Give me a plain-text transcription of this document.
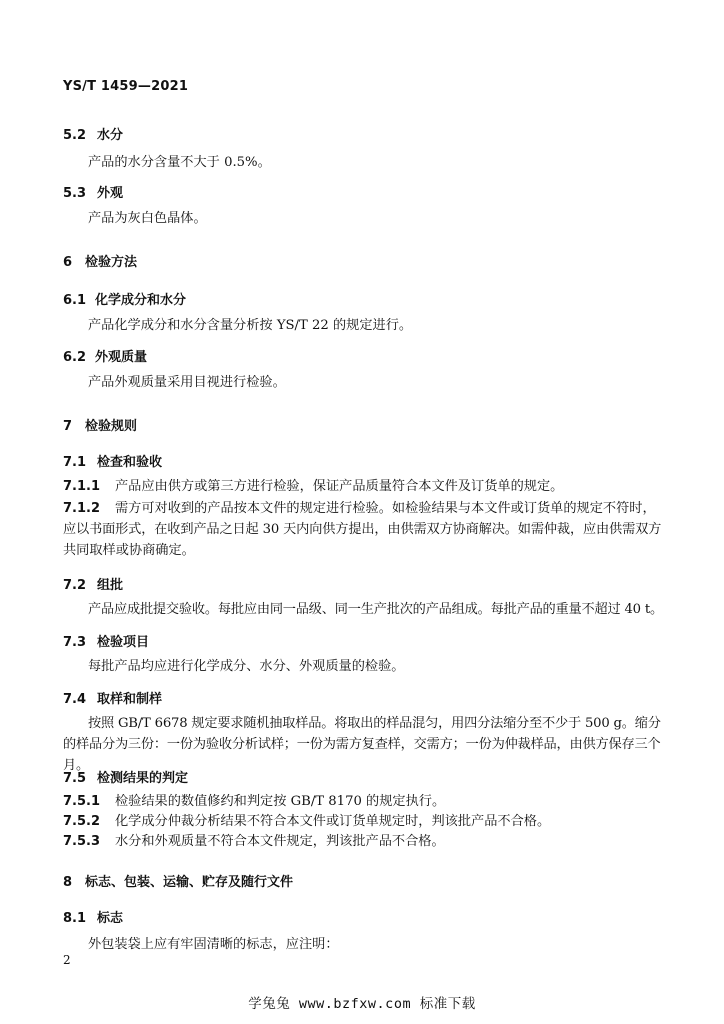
YS/T 1459—2021
5.2 水分
产品的水分含量不大于 0.5%。
5.3 外观
产品为灰白色晶体。
6 检验方法
6.1 化学成分和水分
产品化学成分和水分含量分析按 YS/T 22 的规定进行。
6.2 外观质量
产品外观质量采用目视进行检验。
7 检验规则
7.1 检查和验收
7.1.1 产品应由供方或第三方进行检验，保证产品质量符合本文件及订货单的规定。
7.1.2 需方可对收到的产品按本文件的规定进行检验。如检验结果与本文件或订货单的规定不符时，
应以书面形式，在收到产品之日起 30 天内向供方提出，由供需双方协商解决。如需仲裁，应由供需双方
共同取样或协商确定。
7.2 组批
产品应成批提交验收。每批应由同一品级、同一生产批次的产品组成。每批产品的重量不超过 40 t。
7.3 检验项目
每批产品均应进行化学成分、水分、外观质量的检验。
7.4 取样和制样
按照 GB/T 6678 规定要求随机抽取样品。将取出的样品混匀，用四分法缩分至不少于 500 g。缩分
的样品分为三份：一份为验收分析试样；一份为需方复查样，交需方；一份为仲裁样品，由供方保存三个月。
7.5 检测结果的判定
7.5.1 检验结果的数值修约和判定按 GB/T 8170 的规定执行。
7.5.2 化学成分仲裁分析结果不符合本文件或订货单规定时，判该批产品不合格。
7.5.3 水分和外观质量不符合本文件规定，判该批产品不合格。
8 标志、包装、运输、贮存及随行文件
8.1 标志
外包装袋上应有牢固清晰的标志，应注明：
2
学兔兔 www.bzfxw.com 标准下载
